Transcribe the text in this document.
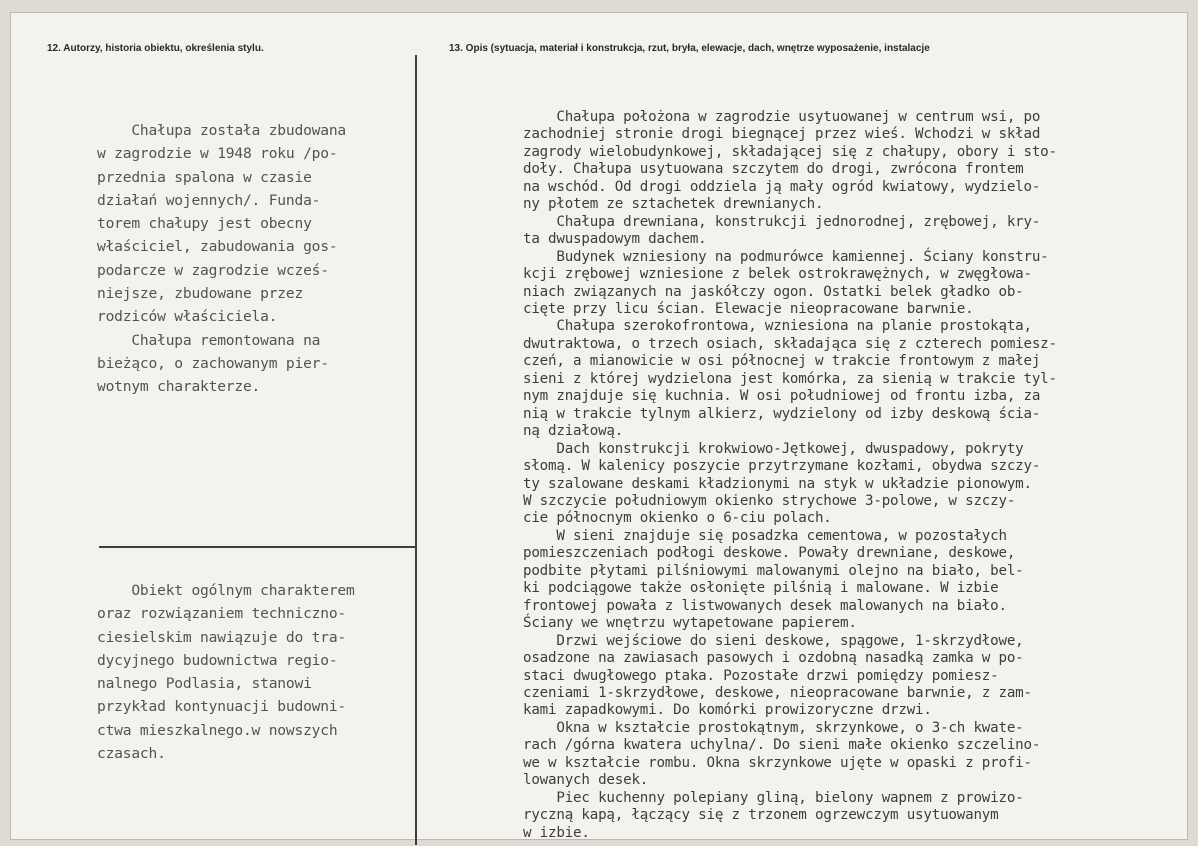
12. Autorzy, historia obiektu, określenia stylu.	13. Opis (sytuacja, materiał i konstrukcja, rzut, bryła, elewacje, dach, wnętrze wyposażenie, instalacje
Chałupa została zbudowana
w zagrodzie w 1948 roku /po-
przednia spalona w czasie
działań wojennych/. Funda-
torem chałupy jest obecny
właściciel, zabudowania gos-
podarcze w zagrodzie wcześ-
niejsze, zbudowane przez
rodziców właściciela.
Chałupa remontowana na
bieżąco, o zachowanym pier-
wotnym charakterze.
Obiekt ogólnym charakterem
oraz rozwiązaniem techniczno-
ciesielskim nawiązuje do tra-
dycyjnego budownictwa regio-
nalnego Podlasia, stanowi
przykład kontynuacji budowni-
ctwa mieszkalnego.w nowszych
czasach.
Chałupa położona w zagrodzie usytuowanej w centrum wsi, po
zachodniej stronie drogi biegnącej przez wieś. Wchodzi w skład
zagrody wielobudynkowej, składającej się z chałupy, obory i sto-
doły. Chałupa usytuowana szczytem do drogi, zwrócona frontem
na wschód. Od drogi oddziela ją mały ogród kwiatowy, wydzielo-
ny płotem ze sztachetek drewnianych.
Chałupa drewniana, konstrukcji jednorodnej, zrębowej, kry-
ta dwuspadowym dachem.
Budynek wzniesiony na podmurówce kamiennej. Ściany konstru-
kcji zrębowej wzniesione z belek ostrokrawężnych, w zwęgłowa-
niach związanych na jaskółczy ogon. Ostatki belek gładko ob-
cięte przy licu ścian. Elewacje nieopracowane barwnie.
Chałupa szerokofrontowa, wzniesiona na planie prostokąta,
dwutraktowa, o trzech osiach, składająca się z czterech pomiesz-
czeń, a mianowicie w osi północnej w trakcie frontowym z małej
sieni z której wydzielona jest komórka, za sienią w trakcie tyl-
nym znajduje się kuchnia. W osi południowej od frontu izba, za
nią w trakcie tylnym alkierz, wydzielony od izby deskową ścia-
ną działową.
Dach konstrukcji krokwiowo-Jętkowej, dwuspadowy, pokryty
słomą. W kalenicy poszycie przytrzymane kozłami, obydwa szczy-
ty szalowane deskami kładzionymi na styk w układzie pionowym.
W szczycie południowym okienko strychowe 3-polowe, w szczy-
cie północnym okienko o 6-ciu polach.
W sieni znajduje się posadzka cementowa, w pozostałych
pomieszczeniach podłogi deskowe. Powały drewniane, deskowe,
podbite płytami pilśniowymi malowanymi olejno na biało, bel-
ki podciągowe także osłonięte pilśnią i malowane. W izbie
frontowej powała z listwowanych desek malowanych na biało.
Ściany we wnętrzu wytapetowane papierem.
Drzwi wejściowe do sieni deskowe, spągowe, 1-skrzydłowe,
osadzone na zawiasach pasowych i ozdobną nasadką zamka w po-
staci dwugłowego ptaka. Pozostałe drzwi pomiędzy pomiesz-
czeniami 1-skrzydłowe, deskowe, nieopracowane barwnie, z zam-
kami zapadkowymi. Do komórki prowizoryczne drzwi.
Okna w kształcie prostokątnym, skrzynkowe, o 3-ch kwate-
rach /górna kwatera uchylna/. Do sieni małe okienko szczelino-
we w kształcie rombu. Okna skrzynkowe ujęte w opaski z profi-
lowanych desek.
Piec kuchenny polepiany gliną, bielony wapnem z prowizo-
ryczną kapą, łączący się z trzonem ogrzewczym usytuowanym
w izbie.
